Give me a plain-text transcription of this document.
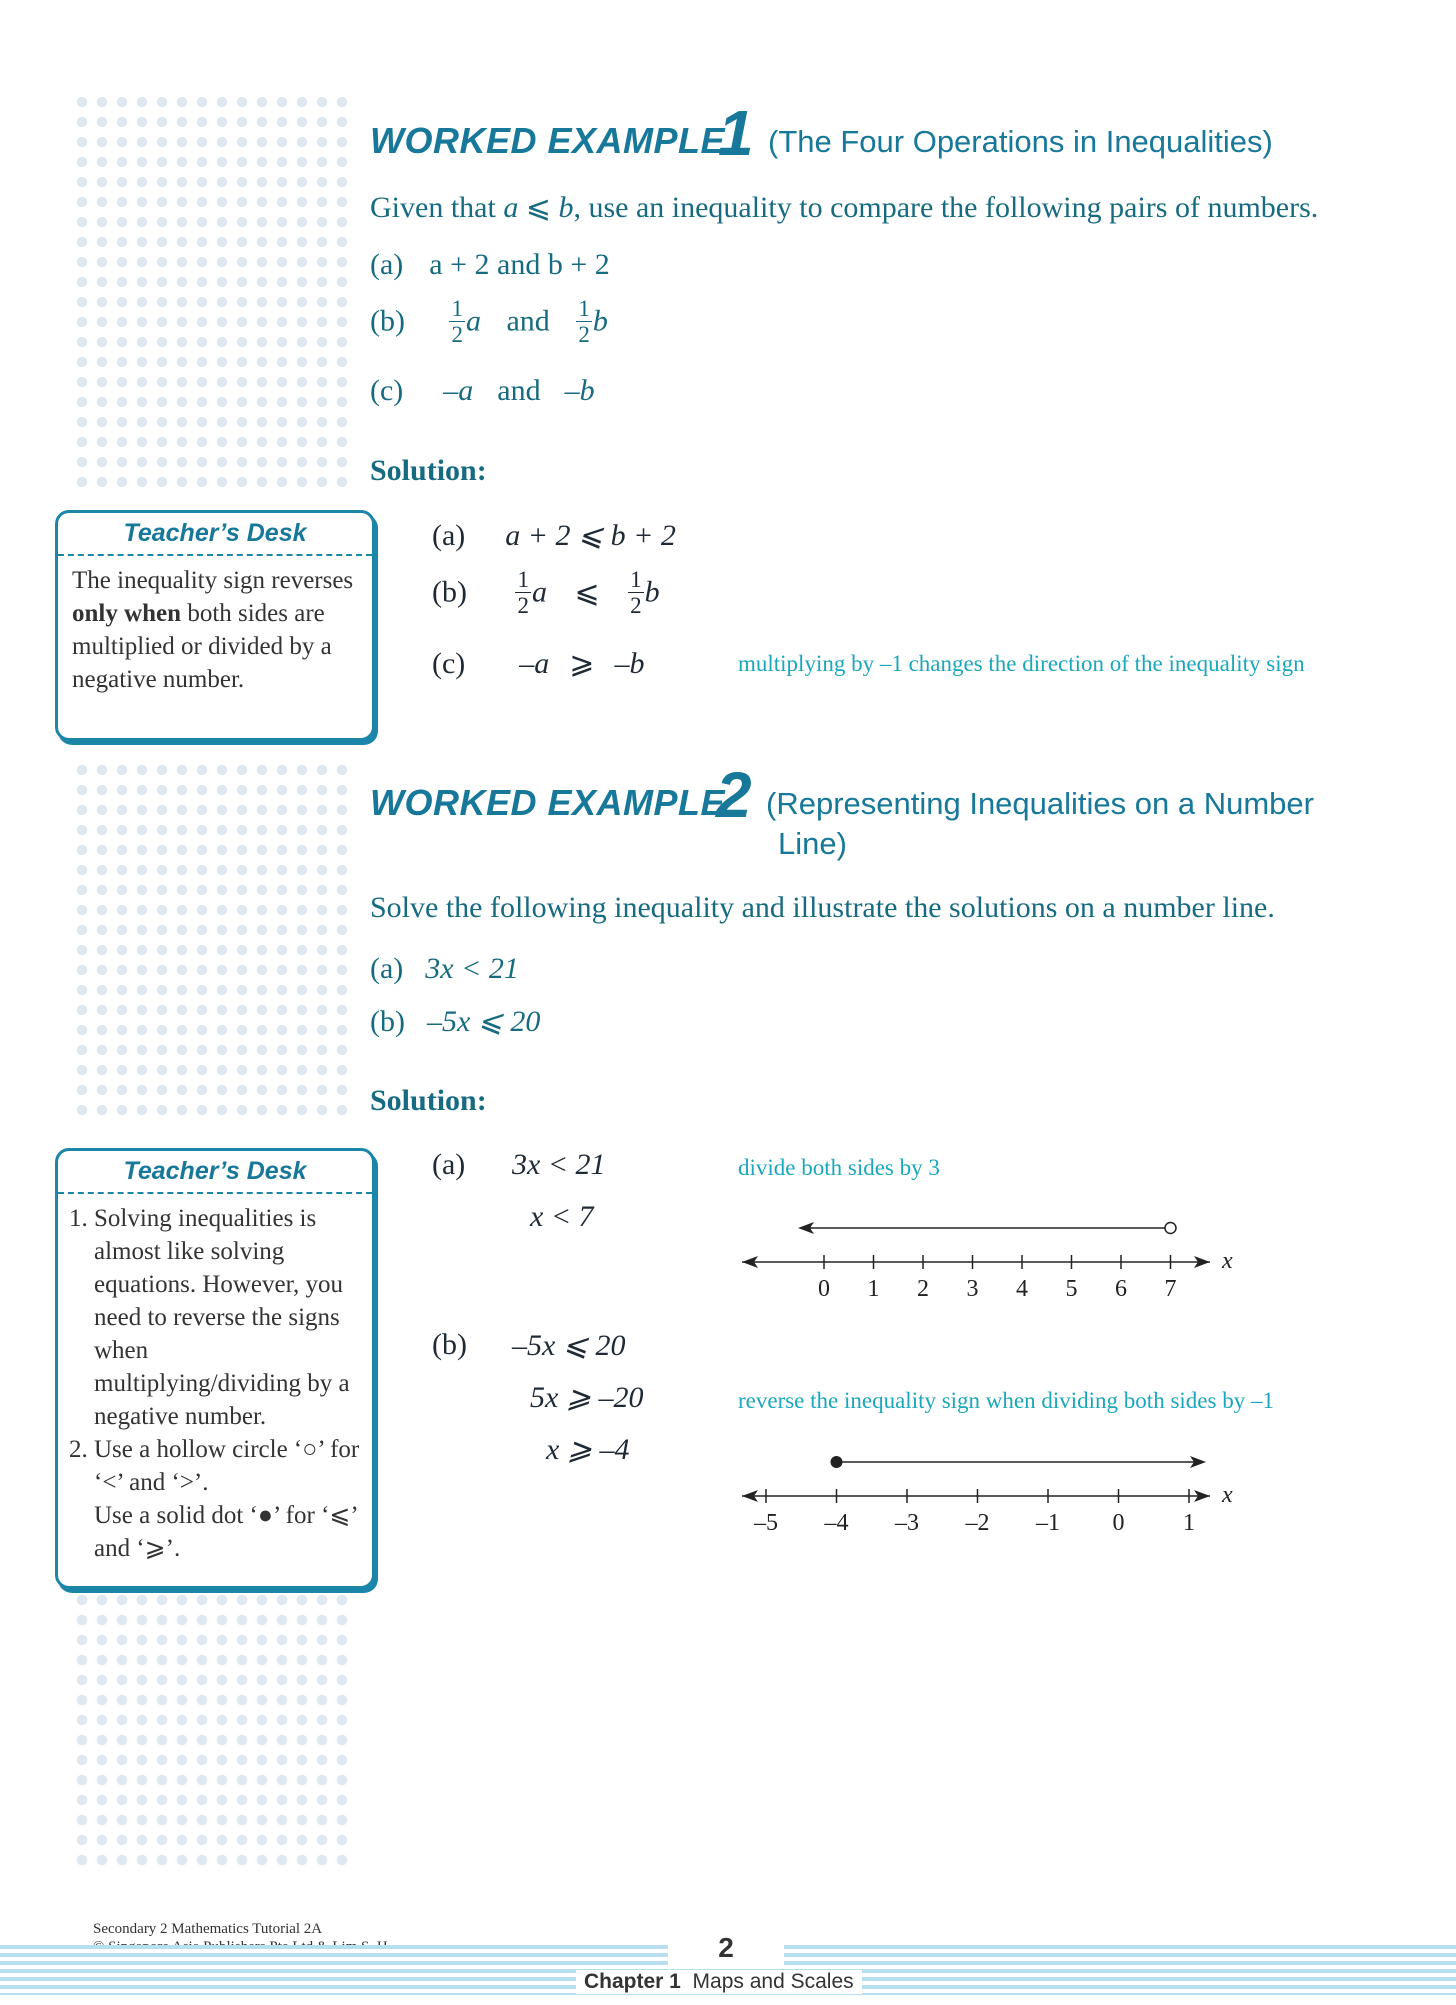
WORKED EXAMPLE
1 (The Four Operations in Inequalities)
Given that a ⩽ b, use an inequality to compare the following pairs of numbers.
(a) a + 2 and b + 2
$(b) \frac{1}{2}$ a and $\frac{1}{2}$ b
(c) –a and –b
Solution:
(a) a + 2 ⩽ b + 2
$(b) \frac{1}{2}$ a ⩽ $\frac{1}{2}$ b
(c) –a ⩾ –b	multiplying by –1 changes the direction of the inequality sign
Teacher’s Desk
The inequality sign reverses only when both sides are multiplied or divided by a negative number.
WORKED EXAMPLE
2 (Representing Inequalities on a Number
Line)
Solve the following inequality and illustrate the solutions on a number line.
(a) 3x < 21
(b) –5x ⩽ 20
Solution:
(a) 3x < 21
x < 7
divide both sides by 3
(b) –5x ⩽ 20
5x ⩾ –20
x ⩾ –4
reverse the inequality sign when dividing both sides by –1
x
0 1 2 3 4 5 6 7
x
–5 –4 –3 –2 –1 0 1
Teacher’s Desk
1. Solving inequalities is almost like solving equations. However, you need to reverse the signs when multiplying/dividing by a negative number.
2. Use a hollow circle ‘○’ for ‘<’ and ‘>’.
Use a solid dot ‘●’ for ‘⩽’ and ‘⩾’.
Secondary 2 Mathematics Tutorial 2A
2
Chapter 1 Maps and Scales
